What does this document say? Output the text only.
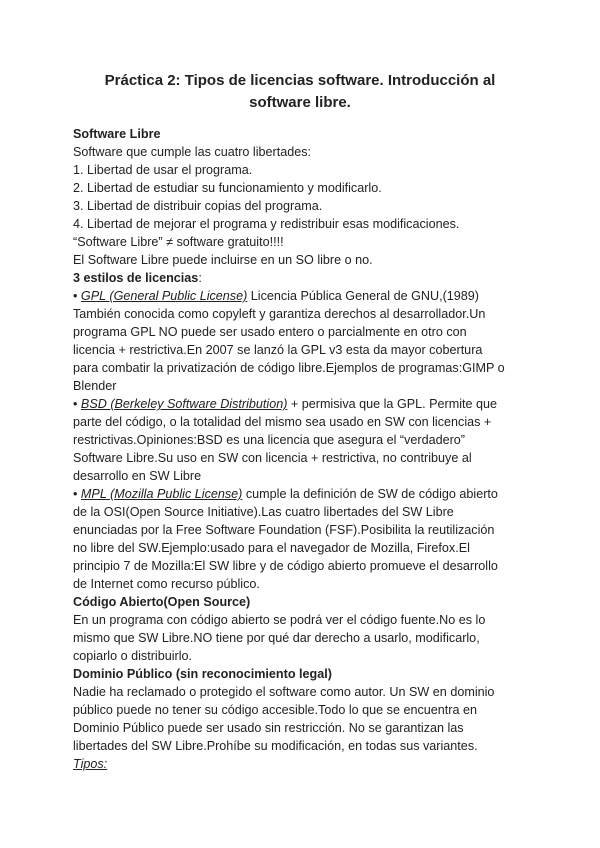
Práctica 2: Tipos de licencias software. Introducción al
software libre.
Software Libre
Software que cumple las cuatro libertades:
1. Libertad de usar el programa.
2. Libertad de estudiar su funcionamiento y modificarlo.
3. Libertad de distribuir copias del programa.
4. Libertad de mejorar el programa y redistribuir esas modificaciones.
“Software Libre” ≠ software gratuito!!!!
El Software Libre puede incluirse en un SO libre o no.
3 estilos de licencias:
• GPL (General Public License) Licencia Pública General de GNU,(1989)
También conocida como copyleft y garantiza derechos al desarrollador.Un
programa GPL NO puede ser usado entero o parcialmente en otro con
licencia + restrictiva.En 2007 se lanzó la GPL v3 esta da mayor cobertura
para combatir la privatización de código libre.Ejemplos de programas:GIMP o
Blender
• BSD (Berkeley Software Distribution) + permisiva que la GPL. Permite que
parte del código, o la totalidad del mismo sea usado en SW con licencias +
restrictivas.Opiniones:BSD es una licencia que asegura el “verdadero”
Software Libre.Su uso en SW con licencia + restrictiva, no contribuye al
desarrollo en SW Libre
• MPL (Mozilla Public License) cumple la definición de SW de código abierto
de la OSI(Open Source Initiative).Las cuatro libertades del SW Libre
enunciadas por la Free Software Foundation (FSF).Posibilita la reutilización
no libre del SW.Ejemplo:usado para el navegador de Mozilla, Firefox.El
principio 7 de Mozilla:El SW libre y de código abierto promueve el desarrollo
de Internet como recurso público.
Código Abierto(Open Source)
En un programa con código abierto se podrá ver el código fuente.No es lo
mismo que SW Libre.NO tiene por qué dar derecho a usarlo, modificarlo,
copiarlo o distribuirlo.
Dominio Público (sin reconocimiento legal)
Nadie ha reclamado o protegido el software como autor. Un SW en dominio
público puede no tener su código accesible.Todo lo que se encuentra en
Dominio Público puede ser usado sin restricción. No se garantizan las
libertades del SW Libre.Prohíbe su modificación, en todas sus variantes.
Tipos:
